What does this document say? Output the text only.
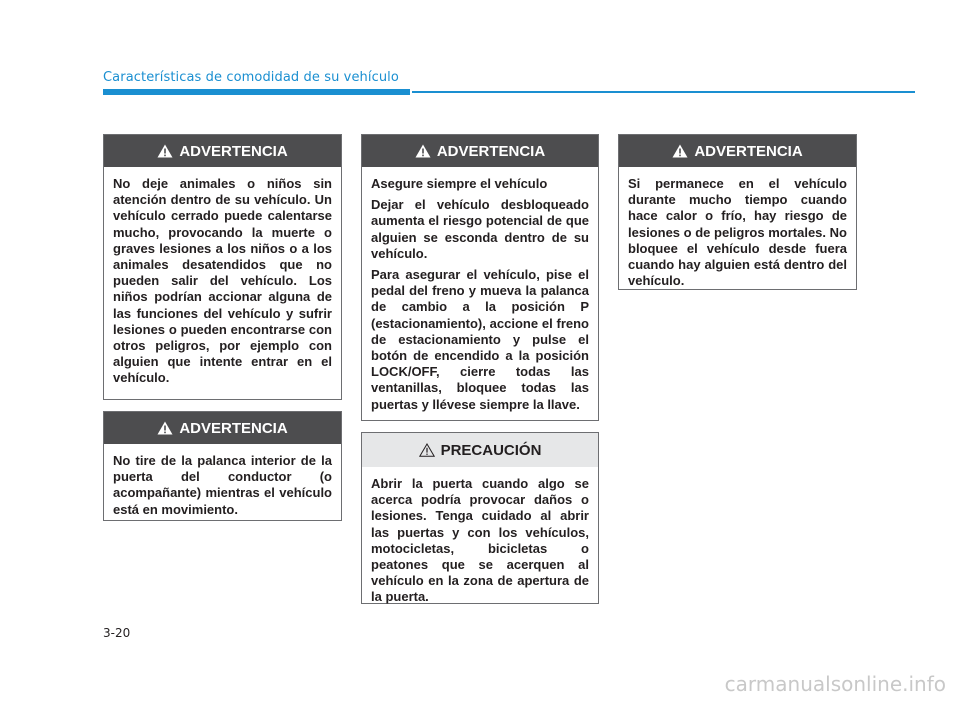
Características de comodidad de su vehículo
ADVERTENCIA

No deje animales o niños sin atención dentro de su vehículo. Un vehículo cerrado puede calentarse mucho, provocando la muerte o graves lesiones a los niños o a los animales desatendidos que no pueden salir del vehículo. Los niños podrían accionar alguna de las funciones del vehículo y sufrir lesiones o pueden encontrarse con otros peligros, por ejemplo con alguien que intente entrar en el vehículo.

ADVERTENCIA

No tire de la palanca interior de la puerta del conductor (o acompañante) mientras el vehículo está en movimiento.

ADVERTENCIA

Asegure siempre el vehículo

Dejar el vehículo desbloqueado aumenta el riesgo potencial de que alguien se esconda dentro de su vehículo.

Para asegurar el vehículo, pise el pedal del freno y mueva la palanca de cambio a la posición P (estacionamiento), accione el freno de estacionamiento y pulse el botón de encendido a la posición LOCK/OFF, cierre todas las ventanillas, bloquee todas las puertas y llévese siempre la llave.

PRECAUCIÓN

Abrir la puerta cuando algo se acerca podría provocar daños o lesiones. Tenga cuidado al abrir las puertas y con los vehículos, motocicletas, bicicletas o peatones que se acerquen al vehículo en la zona de apertura de la puerta.

ADVERTENCIA

Si permanece en el vehículo durante mucho tiempo cuando hace calor o frío, hay riesgo de lesiones o de peligros mortales. No bloquee el vehículo desde fuera cuando hay alguien está dentro del vehículo.

3-20
carmanualsonline.info
